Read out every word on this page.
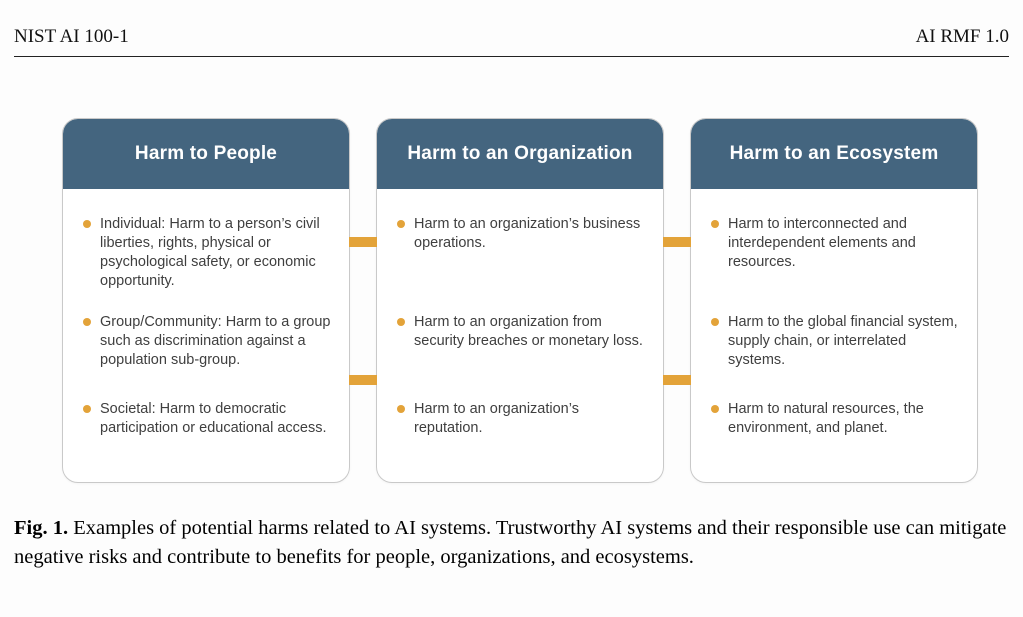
NIST AI 100-1	AI RMF 1.0
Harm to People
Individual: Harm to a person’s civil liberties, rights, physical or psychological safety, or economic opportunity.
Group/Community: Harm to a group such as discrimination against a population sub-group.
Societal: Harm to democratic participation or educational access.
Harm to an Organization
Harm to an organization’s business operations.
Harm to an organization from security breaches or monetary loss.
Harm to an organization’s reputation.
Harm to an Ecosystem
Harm to interconnected and interdependent elements and resources.
Harm to the global financial system, supply chain, or interrelated systems.
Harm to natural resources, the environment, and planet.

Fig. 1. Examples of potential harms related to AI systems. Trustworthy AI systems and their responsible use can mitigate negative risks and contribute to benefits for people, organizations, and ecosystems.
